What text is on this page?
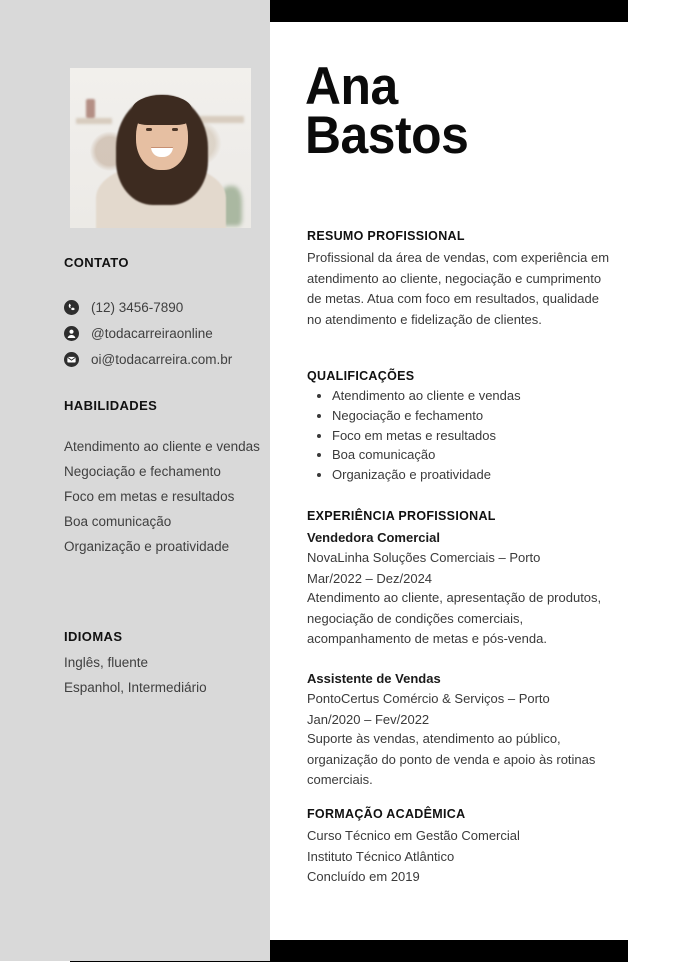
CONTATO
(12) 3456-7890
@todacarreiraonline
oi@todacarreira.com.br
HABILIDADES
Atendimento ao cliente e vendas
Negociação e fechamento
Foco em metas e resultados
Boa comunicação
Organização e proatividade
IDIOMAS
Inglês, fluente
Espanhol, Intermediário
Ana
Bastos
RESUMO PROFISSIONAL
Profissional da área de vendas, com experiência em atendimento ao cliente, negociação e cumprimento de metas. Atua com foco em resultados, qualidade no atendimento e fidelização de clientes.
QUALIFICAÇÕES
• Atendimento ao cliente e vendas
• Negociação e fechamento
• Foco em metas e resultados
• Boa comunicação
• Organização e proatividade
EXPERIÊNCIA PROFISSIONAL
Vendedora Comercial
NovaLinha Soluções Comerciais – Porto
Mar/2022 – Dez/2024
Atendimento ao cliente, apresentação de produtos, negociação de condições comerciais, acompanhamento de metas e pós-venda.
Assistente de Vendas
PontoCertus Comércio & Serviços – Porto
Jan/2020 – Fev/2022
Suporte às vendas, atendimento ao público, organização do ponto de venda e apoio às rotinas comerciais.
FORMAÇÃO ACADÊMICA
Curso Técnico em Gestão Comercial
Instituto Técnico Atlântico
Concluído em 2019
